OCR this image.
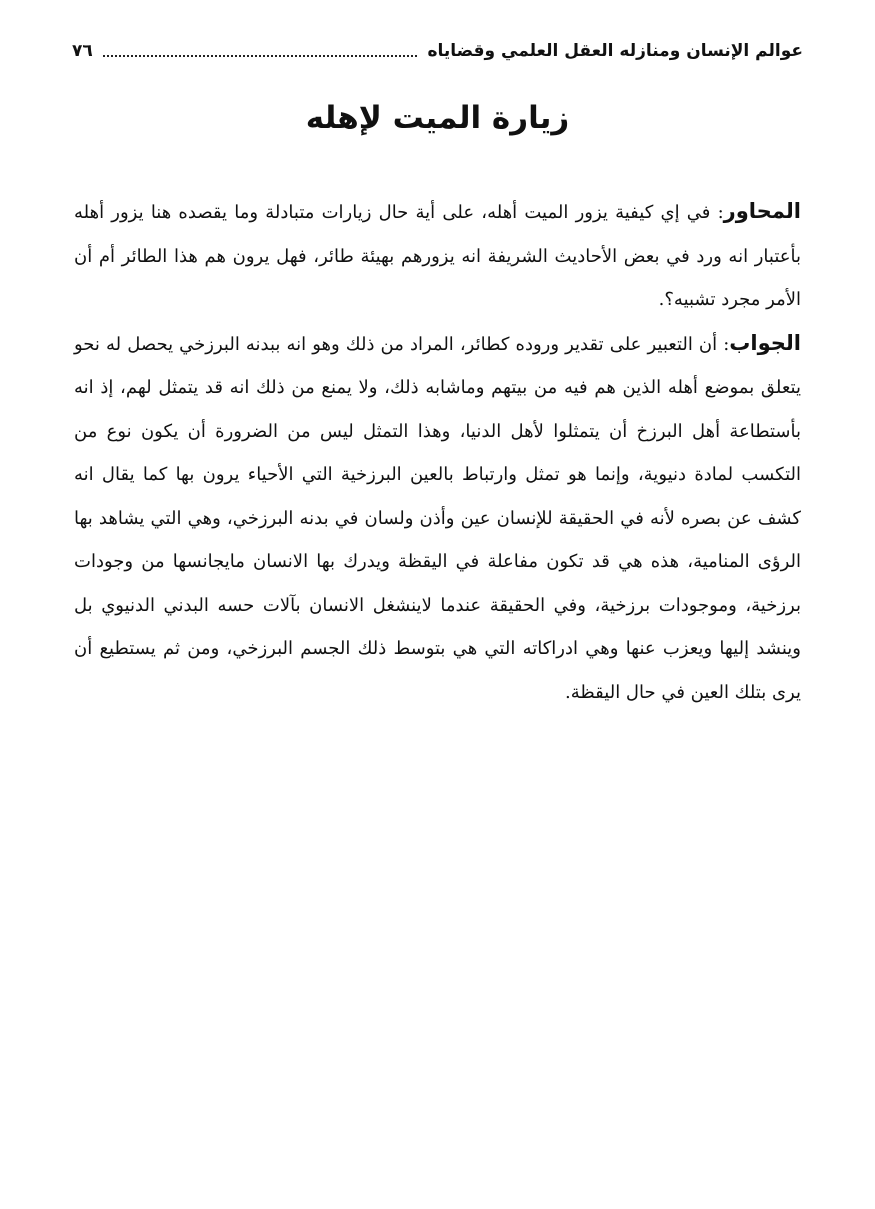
عوالم الإنسان ومنازله العقل العلمي وقضاياه
٧٦
زيارة الميت لإهله

المحاور: في إي كيفية يزور الميت أهله، على أية حال زيارات متبادلة وما يقصده هنا يزور أهله بأعتبار انه ورد في بعض الأحاديث الشريفة انه يزورهم بهيئة طائر، فهل يرون هم هذا الطائر أم أن الأمر مجرد تشبيه؟.

الجواب: أن التعبير على تقدير وروده كطائر، المراد من ذلك وهو انه ببدنه البرزخي يحصل له نحو يتعلق بموضع أهله الذين هم فيه من بيتهم وماشابه ذلك، ولا يمنع من ذلك انه قد يتمثل لهم، إذ انه بأستطاعة أهل البرزخ أن يتمثلوا لأهل الدنيا، وهذا التمثل ليس من الضرورة أن يكون نوع من التكسب لمادة دنيوية، وإنما هو تمثل وارتباط بالعين البرزخية التي الأحياء يرون بها كما يقال انه كشف عن بصره لأنه في الحقيقة للإنسان عين وأذن ولسان في بدنه البرزخي، وهي التي يشاهد بها الرؤى المنامية، هذه هي قد تكون مفاعلة في اليقظة ويدرك بها الانسان مايجانسها من وجودات برزخية، وموجودات برزخية، وفي الحقيقة عندما لاينشغل الانسان بآلات حسه البدني الدنيوي بل وينشد إليها ويعزب عنها وهي ادراكاته التي هي بتوسط ذلك الجسم البرزخي، ومن ثم يستطيع أن يرى بتلك العين في حال اليقظة.
